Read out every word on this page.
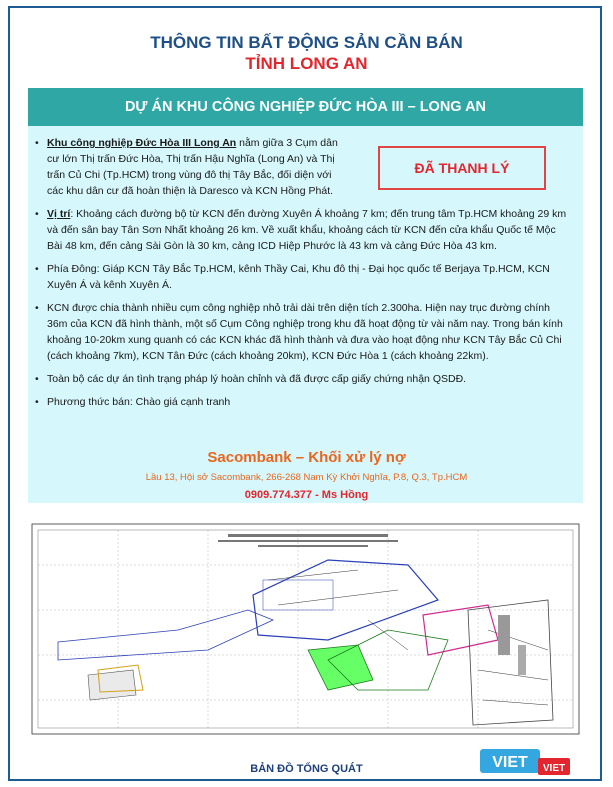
THÔNG TIN BẤT ĐỘNG SẢN CẦN BÁN
TỈNH LONG AN
DỰ ÁN KHU CÔNG NGHIỆP ĐỨC HÒA III – LONG AN
ĐÃ THANH LÝ
• Khu công nghiệp Đức Hòa III Long An nằm giữa 3 Cụm dân cư lớn Thị trấn Đức Hòa, Thị trấn Hậu Nghĩa (Long An) và Thị trấn Củ Chi (Tp.HCM) trong vùng đô thị Tây Bắc, đối diện với các khu dân cư đã hoàn thiện là Daresco và KCN Hồng Phát.
• Vị trí: Khoảng cách đường bộ từ KCN đến đường Xuyên Á khoảng 7 km; đến trung tâm Tp.HCM khoảng 29 km và đến sân bay Tân Sơn Nhất khoảng 26 km. Về xuất khẩu, khoảng cách từ KCN đến cửa khẩu Quốc tế Mộc Bài 48 km, đến cảng Sài Gòn là 30 km, cảng ICD Hiệp Phước là 43 km và cảng Đức Hòa 43 km.
• Phía Đông: Giáp KCN Tây Bắc Tp.HCM, kênh Thầy Cai, Khu đô thị - Đại học quốc tế Berjaya Tp.HCM, KCN Xuyên Á và kênh Xuyên Á.
• KCN được chia thành nhiều cụm công nghiệp nhỏ trải dài trên diện tích 2.300ha. Hiện nay trục đường chính 36m của KCN đã hình thành, một số Cụm Công nghiệp trong khu đã hoạt động từ vài năm nay. Trong bán kính khoảng 10-20km xung quanh có các KCN khác đã hình thành và đưa vào hoạt động như KCN Tây Bắc Củ Chi (cách khoảng 7km), KCN Tân Đức (cách khoảng 20km), KCN Đức Hòa 1 (cách khoảng 22km).
• Toàn bộ các dự án tình trạng pháp lý hoàn chỉnh và đã được cấp giấy chứng nhận QSDĐ.
• Phương thức bán: Chào giá cạnh tranh
Sacombank – Khối xử lý nợ
Lầu 13, Hội sở Sacombank, 266-268 Nam Kỳ Khởi Nghĩa, P.8, Q.3, Tp.HCM
0909.774.377 - Ms Hồng
BẢN ĐỒ TỔNG QUÁT	VIET VIET
